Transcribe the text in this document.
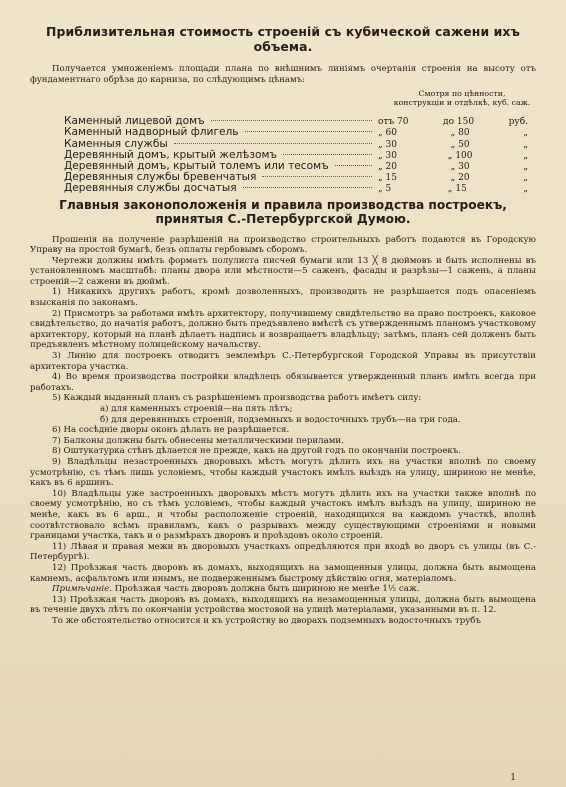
Приблизительная стоимость строеній съ кубической сажени ихъ объема.

Получается умноженіемъ площади плана по внѣшнимъ линіямъ очертанія строенія на высоту отъ фундаментнаго обрѣза до карниза, по слѣдующимъ цѣнамъ:

Смотря по цѣнности, конструкціи и отдѣлкѣ, куб. саж.
Каменный лицевой домъ	отъ 70	до 150	руб.
Каменный надворный флигель	„ 60	„ 80	„
Каменныя службы	„ 30	„ 50	„
Деревянный домъ, крытый желѣзомъ	„ 30	„ 100	„
Деревянный домъ, крытый толемъ или тесомъ	„ 20	„ 30	„
Деревянныя службы бревенчатыя	„ 15	„ 20	„
Деревянныя службы досчатыя	„ 5	„ 15	„
Главныя законоположенія и правила производства построекъ, принятыя С.-Петербургской Думою.

Прошенія на полученіе разрѣшеній на производство строительныхъ работъ подаются въ Городскую Управу на простой бумагѣ, безъ оплаты гербовымъ сборомъ.

Чертежи должны имѣть форматъ полулиста писчей бумаги или 13 ╳ 8 дюймовъ и быть исполнены въ установленномъ масштабѣ: планы двора или мѣстности—5 саженъ, фасады и разрѣзы—1 сажень, а планы строеній—2 сажени въ дюймѣ.

1) Никакихъ другихъ работъ, кромѣ дозволенныхъ, производить не разрѣшается подъ опасеніемъ взысканія по законамъ.

2) Присмотръ за работами имѣть архитектору, получившему свидѣтельство на право построекъ, каковое свидѣтельство, до начатія работъ, должно быть предъявлено вмѣстѣ съ утвержденнымъ планомъ участковому архитектору, который на планѣ дѣлаетъ надпись и возвращаетъ владѣльцу; затѣмъ, планъ сей долженъ быть предъявленъ мѣстному полицейскому начальству.

3) Линію для построекъ отводитъ землемѣръ С.-Петербургской Городской Управы въ присутствіи архитектора участка.

4) Во время производства постройки владѣлецъ обязывается утвержденный планъ имѣть всегда при работахъ.

5) Каждый выданный планъ съ разрѣшеніемъ производства работъ имѣетъ силу:

а) для каменныхъ строеній—на пять лѣтъ;

б) для деревянныхъ строеній, подземныхъ и водосточныхъ трубъ—на три года.

6) На сосѣдніе дворы оконъ дѣлать не разрѣшается.

7) Балконы должны быть обнесены металлическими перилами.

8) Оштукатурка стѣнъ дѣлается не прежде, какъ на другой годъ по окончаніи построекъ.

9) Владѣльцы незастроенныхъ дворовыхъ мѣстъ могутъ дѣлить ихъ на участки вполнѣ по своему усмотрѣнію, съ тѣмъ лишь условіемъ, чтобы каждый участокъ имѣлъ выѣздъ на улицу, шириною не менѣе, какъ въ 6 аршинъ.

10) Владѣльцы уже застроенныхъ дворовыхъ мѣстъ могутъ дѣлить ихъ на участки также вполнѣ по своему усмотрѣнію, но съ тѣмъ условіемъ, чтобы каждый участокъ имѣлъ выѣздъ на улицу, шириною не менѣе, какъ въ 6 арш., и чтобы расположеніе строеній, находящихся на каждомъ участкѣ, вполнѣ соотвѣтствовало всѣмъ правиламъ, какъ о разрывахъ между существующими строеніями и новыми границами участка, такъ и о размѣрахъ дворовъ и проѣздовъ около строеній.

11) Лѣвая и правая межи въ дворовыхъ участкахъ опредѣляются при входѣ во дворъ съ улицы (въ С.-Петербургѣ).

12) Проѣзжая часть дворовъ въ домахъ, выходящихъ на замощенныя улицы, должна быть вымощена камнемъ, асфальтомъ или инымъ, не подверженнымъ быстрому дѣйствію огня, матеріаломъ.

Примѣчаніе. Проѣзжая часть дворовъ должна быть шириною не менѣе 1½ саж.

13) Проѣзжая часть дворовъ въ домахъ, выходящихъ на незамощенныя улицы, должна быть вымощена въ теченіе двухъ лѣтъ по окончаніи устройства мостовой на улицѣ матеріалами, указанными въ п. 12.

То же обстоятельство относится и къ устройству во дворахъ подземныхъ водосточныхъ трубъ

1
